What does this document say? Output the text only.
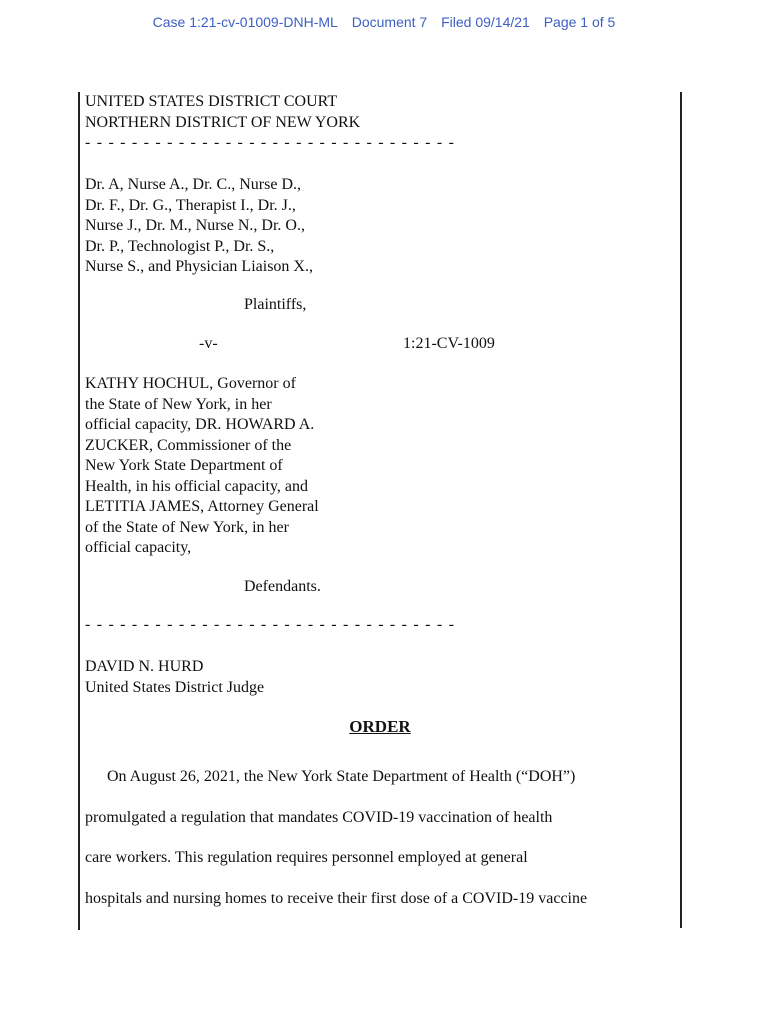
Case 1:21-cv-01009-DNH-ML Document 7 Filed 09/14/21 Page 1 of 5
UNITED STATES DISTRICT COURT
NORTHERN DISTRICT OF NEW YORK
- - - - - - - - - - - - - - - - - - - - - - - - - - - - - - - -
Dr. A, Nurse A., Dr. C., Nurse D.,
Dr. F., Dr. G., Therapist I., Dr. J.,
Nurse J., Dr. M., Nurse N., Dr. O.,
Dr. P., Technologist P., Dr. S.,
Nurse S., and Physician Liaison X.,
Plaintiffs,
-v-	1:21-CV-1009
KATHY HOCHUL, Governor of
the State of New York, in her
official capacity, DR. HOWARD A.
ZUCKER, Commissioner of the
New York State Department of
Health, in his official capacity, and
LETITIA JAMES, Attorney General
of the State of New York, in her
official capacity,
Defendants.
- - - - - - - - - - - - - - - - - - - - - - - - - - - - - - - -
DAVID N. HURD
United States District Judge
ORDER
On August 26, 2021, the New York State Department of Health (“DOH”)
promulgated a regulation that mandates COVID-19 vaccination of health
care workers. This regulation requires personnel employed at general
hospitals and nursing homes to receive their first dose of a COVID-19 vaccine
